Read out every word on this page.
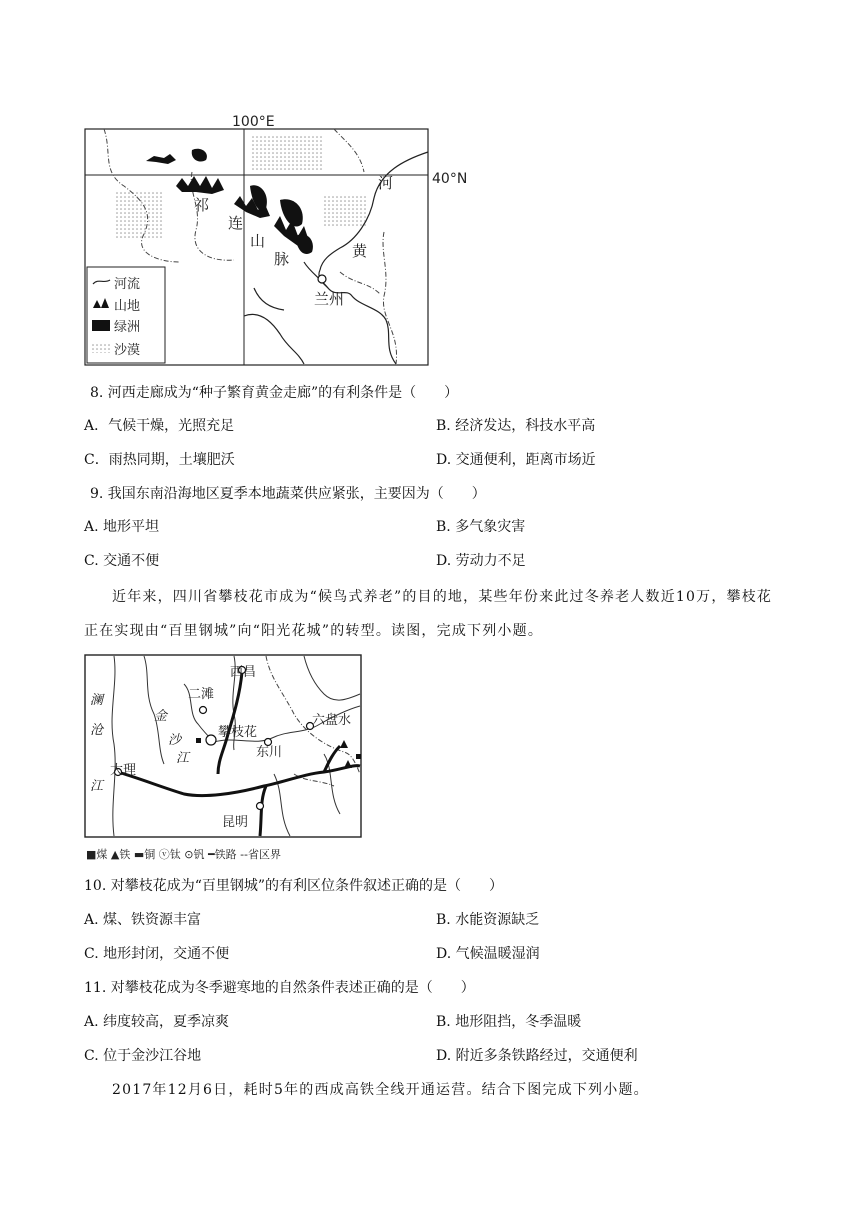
100°E
40°N
祁
连
山
脉
河
黄
兰州
河流
山地
绿洲
沙漠
8. 河西走廊成为“种子繁育黄金走廊”的有利条件是（　　）
A．气候干燥，光照充足	B. 经济发达，科技水平高
C．雨热同期，土壤肥沃	D. 交通便利，距离市场近
9. 我国东南沿海地区夏季本地蔬菜供应紧张，主要因为（　　）
A. 地形平坦	B. 多气象灾害
C. 交通不便	D. 劳动力不足
近年来，四川省攀枝花市成为“候鸟式养老”的目的地，某些年份来此过冬养老人数近10万，攀枝花正在实现由“百里钢城”向“阳光花城”的转型。读图，完成下列小题。
西昌
二滩
攀枝花
东川
六盘水
大理
昆明
澜
沧
江
金
沙
江
■煤 ▲铁 ▬铜 ⓥ钛 ⊙钒 ━铁路 --省区界
10. 对攀枝花成为“百里钢城”的有利区位条件叙述正确的是（　　）
A. 煤、铁资源丰富	B. 水能资源缺乏
C. 地形封闭，交通不便	D. 气候温暖湿润
11. 对攀枝花成为冬季避寒地的自然条件表述正确的是（　　）
A. 纬度较高，夏季凉爽	B. 地形阻挡，冬季温暖
C. 位于金沙江谷地	D. 附近多条铁路经过，交通便利
2017年12月6日，耗时5年的西成高铁全线开通运营。结合下图完成下列小题。
